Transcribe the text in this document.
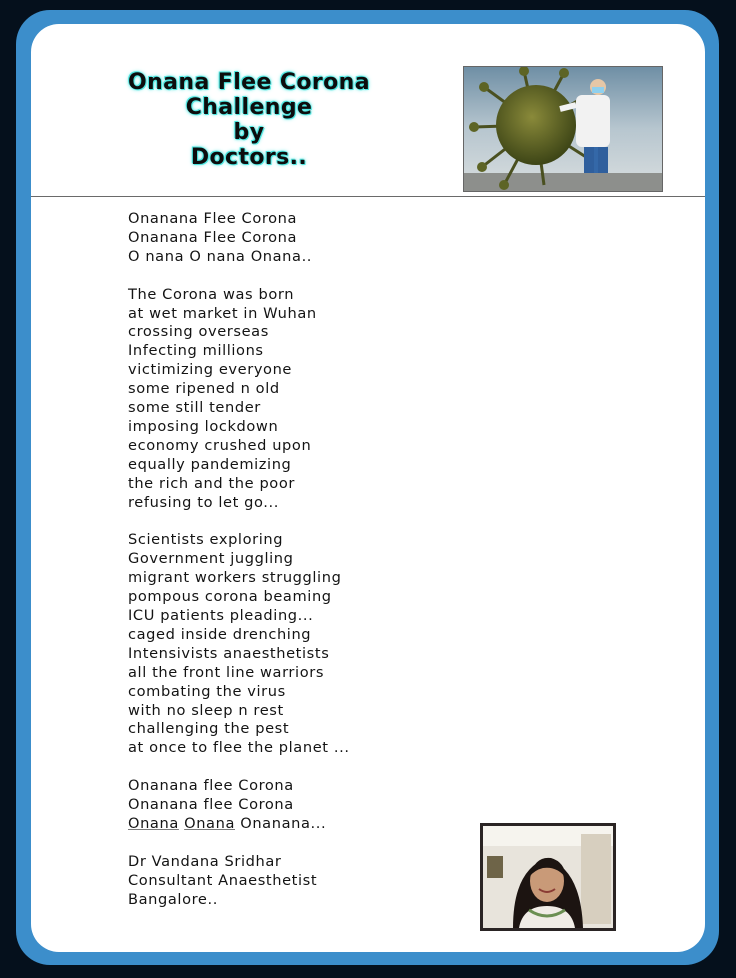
Onana Flee Corona
Challenge
by
Doctors..
Onanana Flee Corona
Onanana Flee Corona
O nana O nana Onana..
The Corona was born
at wet market in Wuhan
crossing overseas
Infecting millions
victimizing everyone
some ripened n old
some still tender
imposing lockdown
economy crushed upon
equally pandemizing
the rich and the poor
refusing to let go...
Scientists exploring
Government juggling
migrant workers struggling
pompous corona beaming
ICU patients pleading...
caged inside drenching
Intensivists anaesthetists
all the front line warriors
combating the virus
with no sleep n rest
challenging the pest
at once to flee the planet ...
Onanana flee Corona
Onanana flee Corona
Onana Onana Onanana...
Dr Vandana Sridhar
Consultant Anaesthetist
Bangalore..
